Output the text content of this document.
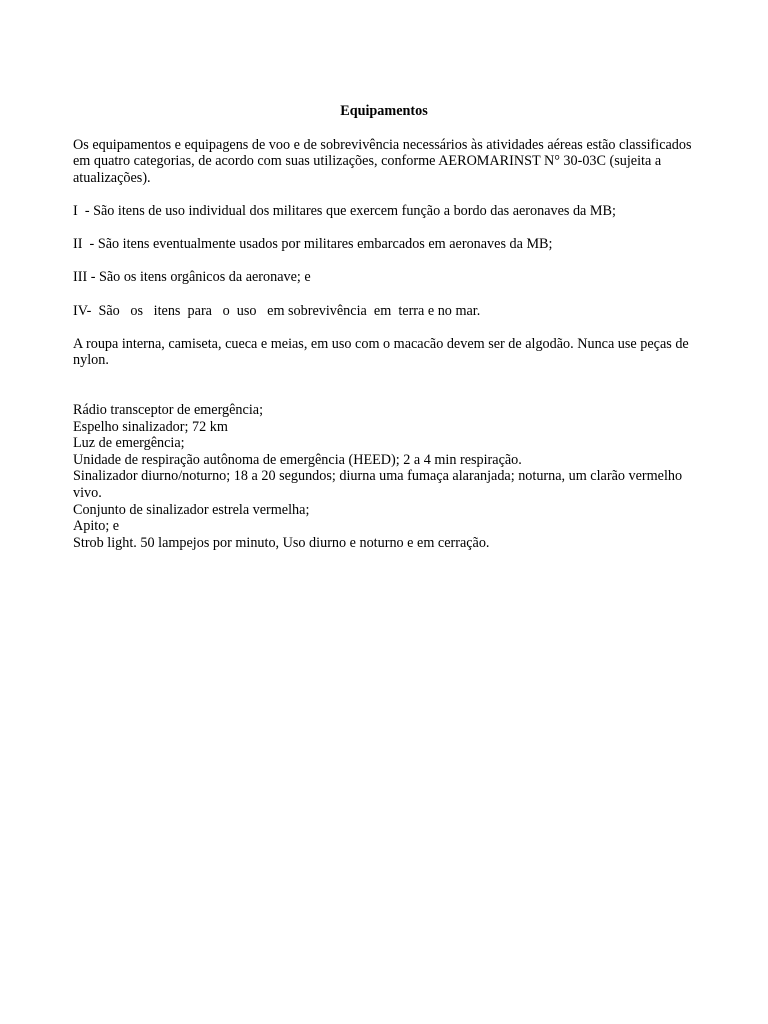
Equipamentos

Os equipamentos e equipagens de voo e de sobrevivência necessários às atividades aéreas estão classificados em quatro categorias, de acordo com suas utilizações, conforme AEROMARINST N° 30-03C (sujeita a atualizações).

I  - São itens de uso individual dos militares que exercem função a bordo das aeronaves da MB;

II  - São itens eventualmente usados por militares embarcados em aeronaves da MB;

III - São os itens orgânicos da aeronave; e

IV-  São   os   itens  para   o  uso   em sobrevivência  em  terra e no mar.

A roupa interna, camiseta, cueca e meias, em uso com o macacão devem ser de algodão. Nunca use peças de nylon.

Rádio transceptor de emergência;
Espelho sinalizador; 72 km
Luz de emergência;
Unidade de respiração autônoma de emergência (HEED); 2 a 4 min respiração.
Sinalizador diurno/noturno; 18 a 20 segundos; diurna uma fumaça alaranjada; noturna, um clarão vermelho vivo.
Conjunto de sinalizador estrela vermelha;
Apito; e
Strob light. 50 lampejos por minuto, Uso diurno e noturno e em cerração.
